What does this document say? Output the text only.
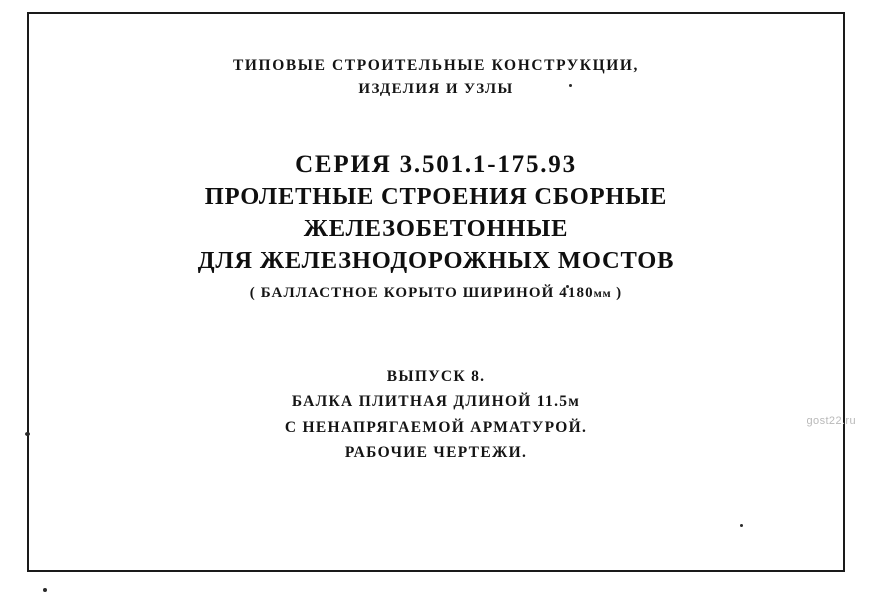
ТИПОВЫЕ СТРОИТЕЛЬНЫЕ КОНСТРУКЦИИ,
ИЗДЕЛИЯ И УЗЛЫ
СЕРИЯ 3.501.1-175.93
ПРОЛЕТНЫЕ СТРОЕНИЯ СБОРНЫЕ
ЖЕЛЕЗОБЕТОННЫЕ
ДЛЯ ЖЕЛЕЗНОДОРОЖНЫХ МОСТОВ
( БАЛЛАСТНОЕ КОРЫТО ШИРИНОЙ 4180мм )
ВЫПУСК 8.
БАЛКА ПЛИТНАЯ ДЛИНОЙ 11.5м
С НЕНАПРЯГАЕМОЙ АРМАТУРОЙ.
РАБОЧИЕ ЧЕРТЕЖИ.
gost22.ru
